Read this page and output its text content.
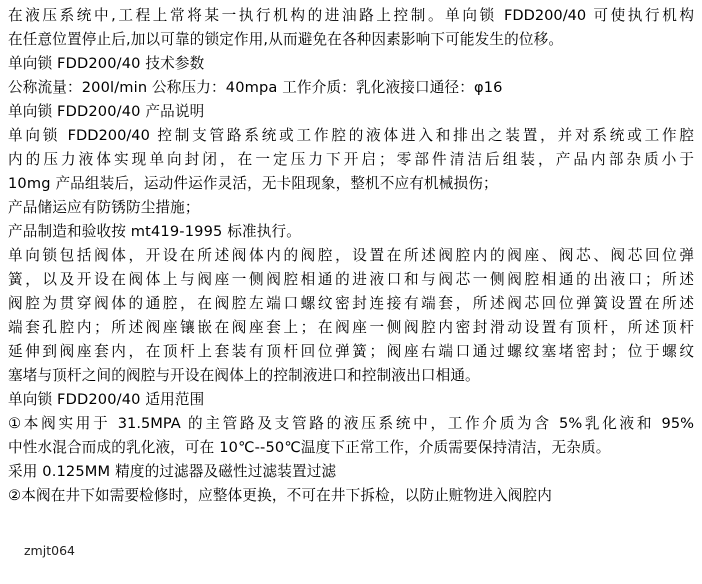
在液压系统中,工程上常将某一执行机构的进油路上控制。单向锁 FDD200/40 可使执行机构
在任意位置停止后,加以可靠的锁定作用,从而避免在各种因素影响下可能发生的位移。
单向锁 FDD200/40 技术参数
公称流量：200l/min 公称压力：40mpa 工作介质：乳化液接口通径：φ16
单向锁 FDD200/40 产品说明
单向锁 FDD200/40 控制支管路系统或工作腔的液体进入和排出之装置，并对系统或工作腔
内的压力液体实现单向封闭，在一定压力下开启；零部件清洁后组装，产品内部杂质小于
10mg 产品组装后，运动件运作灵活，无卡阻现象，整机不应有机械损伤；
产品储运应有防锈防尘措施；
产品制造和验收按 mt419-1995 标准执行。
单向锁包括阀体，开设在所述阀体内的阀腔，设置在所述阀腔内的阀座、阀芯、阀芯回位弹
簧，以及开设在阀体上与阀座一侧阀腔相通的进液口和与阀芯一侧阀腔相通的出液口；所述
阀腔为贯穿阀体的通腔，在阀腔左端口螺纹密封连接有端套，所述阀芯回位弹簧设置在所述
端套孔腔内；所述阀座镶嵌在阀座套上；在阀座一侧阀腔内密封滑动设置有顶杆，所述顶杆
延伸到阀座套内，在顶杆上套装有顶杆回位弹簧；阀座右端口通过螺纹塞堵密封；位于螺纹
塞堵与顶杆之间的阀腔与开设在阀体上的控制液进口和控制液出口相通。
单向锁 FDD200/40 适用范围
①本阀实用于 31.5MPA 的主管路及支管路的液压系统中，工作介质为含 5%乳化液和 95%
中性水混合而成的乳化液，可在 10℃--50℃温度下正常工作，介质需要保持清洁，无杂质。
采用 0.125MM 精度的过滤器及磁性过滤装置过滤
②本阀在井下如需要检修时，应整体更换，不可在井下拆检，以防止赃物进入阀腔内
zmjt064
